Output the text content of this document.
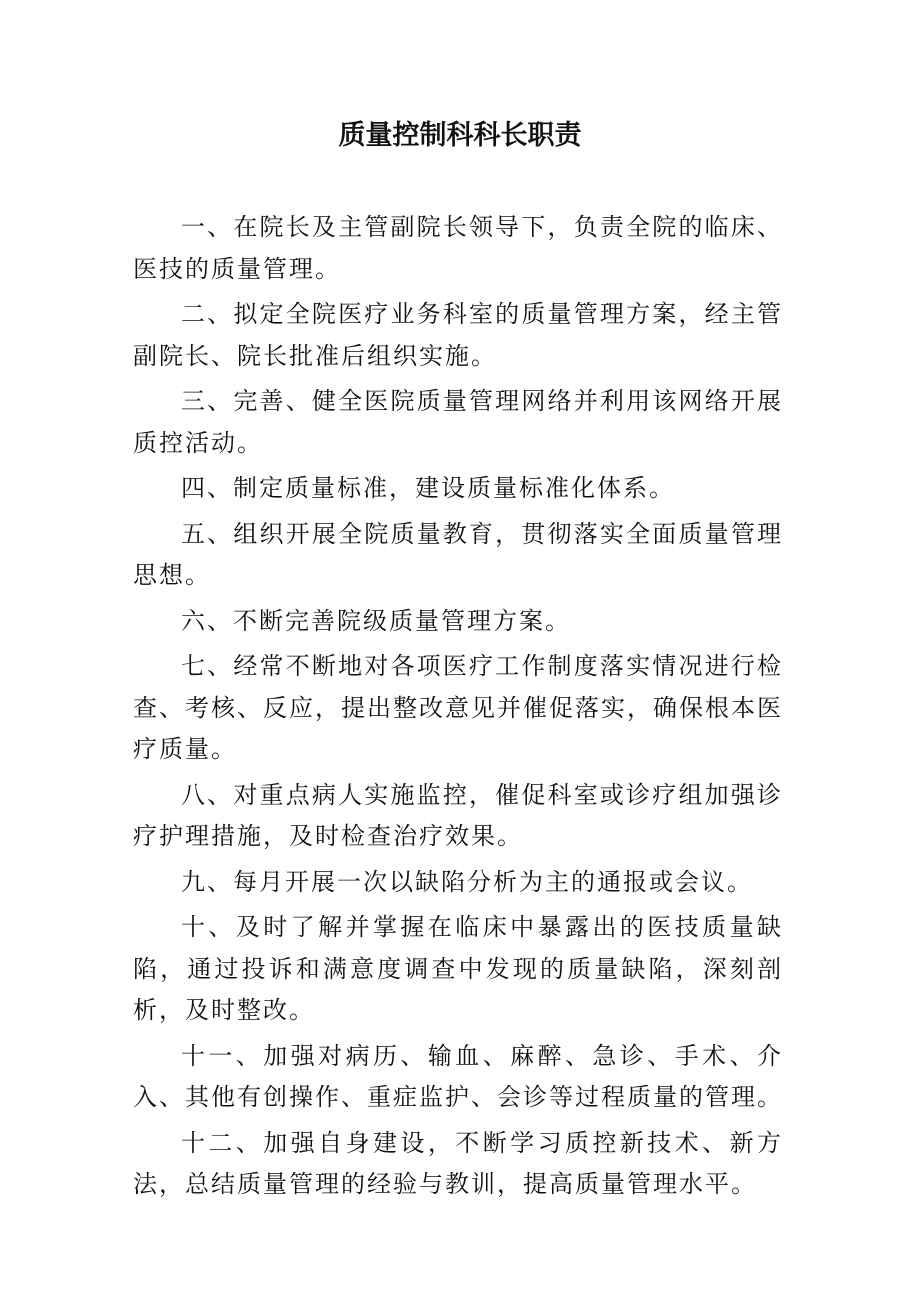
质量控制科科长职责

一、在院长及主管副院长领导下，负责全院的临床、医技的质量管理。

二、拟定全院医疗业务科室的质量管理方案，经主管副院长、院长批准后组织实施。

三、完善、健全医院质量管理网络并利用该网络开展质控活动。

四、制定质量标准，建设质量标准化体系。

五、组织开展全院质量教育，贯彻落实全面质量管理思想。

六、不断完善院级质量管理方案。

七、经常不断地对各项医疗工作制度落实情况进行检查、考核、反应，提出整改意见并催促落实，确保根本医疗质量。

八、对重点病人实施监控，催促科室或诊疗组加强诊疗护理措施，及时检查治疗效果。

九、每月开展一次以缺陷分析为主的通报或会议。

十、及时了解并掌握在临床中暴露出的医技质量缺陷，通过投诉和满意度调查中发现的质量缺陷，深刻剖析，及时整改。

十一、加强对病历、输血、麻醉、急诊、手术、介入、其他有创操作、重症监护、会诊等过程质量的管理。

十二、加强自身建设，不断学习质控新技术、新方法，总结质量管理的经验与教训，提高质量管理水平。
